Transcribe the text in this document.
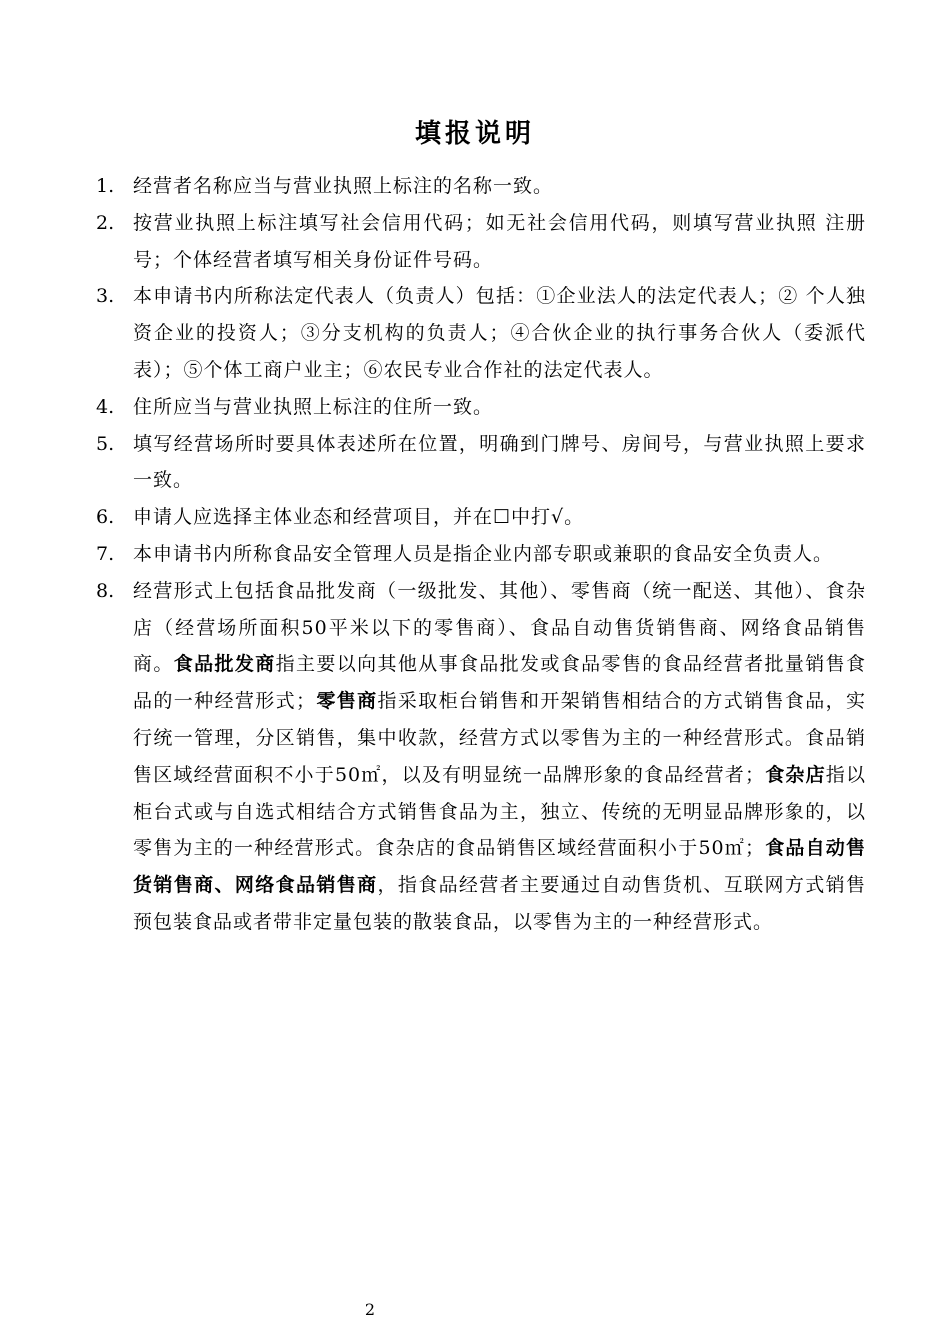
填报说明
1. 经营者名称应当与营业执照上标注的名称一致。
2. 按营业执照上标注填写社会信用代码；如无社会信用代码，则填写营业执照 注册号；个体经营者填写相关身份证件号码。
3. 本申请书内所称法定代表人（负责人）包括：①企业法人的法定代表人；② 个人独资企业的投资人；③分支机构的负责人；④合伙企业的执行事务合伙人（委派代表）；⑤个体工商户业主；⑥农民专业合作社的法定代表人。
4. 住所应当与营业执照上标注的住所一致。
5. 填写经营场所时要具体表述所在位置，明确到门牌号、房间号，与营业执照上要求一致。
6. 申请人应选择主体业态和经营项目，并在☐中打√。
7. 本申请书内所称食品安全管理人员是指企业内部专职或兼职的食品安全负责人。
8. 经营形式上包括食品批发商（一级批发、其他）、零售商（统一配送、其他）、食杂店（经营场所面积50平米以下的零售商）、食品自动售货销售商、网络食品销售商。食品批发商指主要以向其他从事食品批发或食品零售的食品经营者批量销售食品的一种经营形式；零售商指采取柜台销售和开架销售相结合的方式销售食品，实行统一管理，分区销售，集中收款，经营方式以零售为主的一种经营形式。食品销售区域经营面积不小于50㎡，以及有明显统一品牌形象的食品经营者；食杂店指以柜台式或与自选式相结合方式销售食品为主，独立、传统的无明显品牌形象的，以零售为主的一种经营形式。食杂店的食品销售区域经营面积小于50㎡；食品自动售货销售商、网络食品销售商，指食品经营者主要通过自动售货机、互联网方式销售预包装食品或者带非定量包装的散装食品，以零售为主的一种经营形式。
2
